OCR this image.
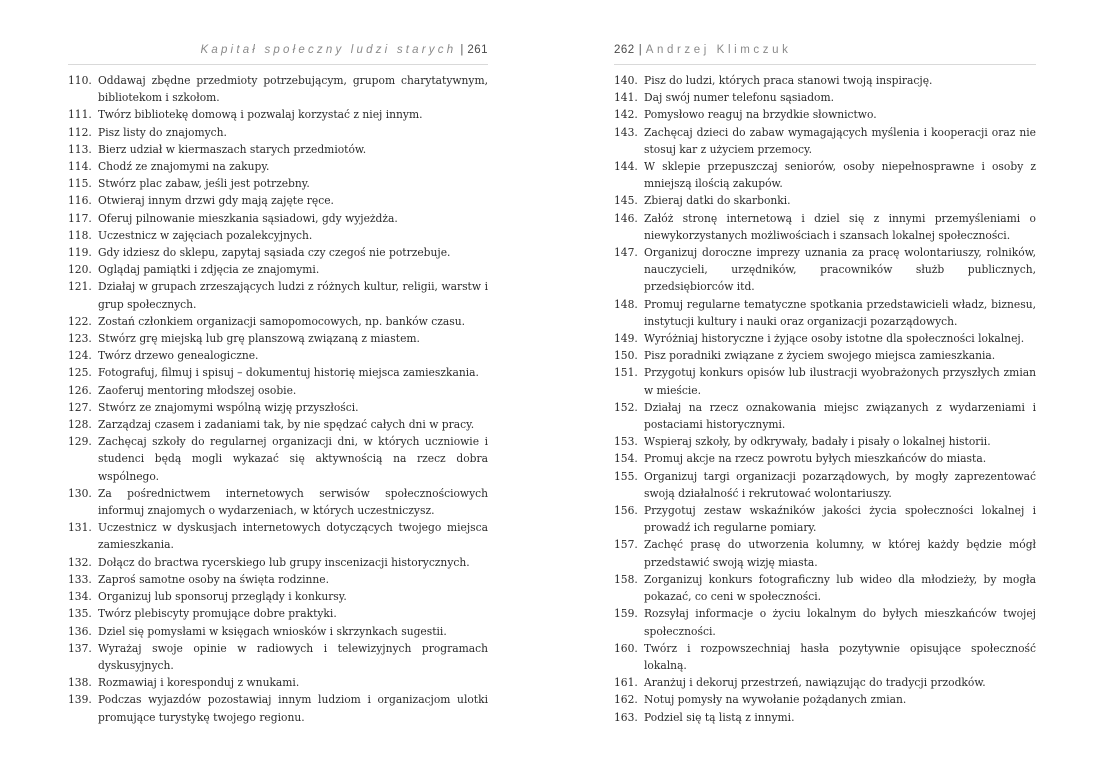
Kapitał społeczny ludzi starych | 261
110. Oddawaj zbędne przedmioty potrzebującym, grupom charytatywnym, bibliotekom i szkołom.
111. Twórz bibliotekę domową i pozwalaj korzystać z niej innym.
112. Pisz listy do znajomych.
113. Bierz udział w kiermaszach starych przedmiotów.
114. Chodź ze znajomymi na zakupy.
115. Stwórz plac zabaw, jeśli jest potrzebny.
116. Otwieraj innym drzwi gdy mają zajęte ręce.
117. Oferuj pilnowanie mieszkania sąsiadowi, gdy wyjeżdża.
118. Uczestnicz w zajęciach pozalekcyjnych.
119. Gdy idziesz do sklepu, zapytaj sąsiada czy czegoś nie potrzebuje.
120. Oglądaj pamiątki i zdjęcia ze znajomymi.
121. Działaj w grupach zrzeszających ludzi z różnych kultur, religii, warstw i grup społecznych.
122. Zostań członkiem organizacji samopomocowych, np. banków czasu.
123. Stwórz grę miejską lub grę planszową związaną z miastem.
124. Twórz drzewo genealogiczne.
125. Fotografuj, filmuj i spisuj – dokumentuj historię miejsca zamieszkania.
126. Zaoferuj mentoring młodszej osobie.
127. Stwórz ze znajomymi wspólną wizję przyszłości.
128. Zarządzaj czasem i zadaniami tak, by nie spędzać całych dni w pracy.
129. Zachęcaj szkoły do regularnej organizacji dni, w których uczniowie i studenci będą mogli wykazać się aktywnością na rzecz dobra wspólnego.
130. Za pośrednictwem internetowych serwisów społecznościowych informuj znajomych o wydarzeniach, w których uczestniczysz.
131. Uczestnicz w dyskusjach internetowych dotyczących twojego miejsca zamieszkania.
132. Dołącz do bractwa rycerskiego lub grupy inscenizacji historycznych.
133. Zaproś samotne osoby na święta rodzinne.
134. Organizuj lub sponsoruj przeglądy i konkursy.
135. Twórz plebiscyty promujące dobre praktyki.
136. Dziel się pomysłami w księgach wniosków i skrzynkach sugestii.
137. Wyrażaj swoje opinie w radiowych i telewizyjnych programach dyskusyjnych.
138. Rozmawiaj i koresponduj z wnukami.
139. Podczas wyjazdów pozostawiaj innym ludziom i organizacjom ulotki promujące turystykę twojego regionu.
262 | Andrzej Klimczuk
140. Pisz do ludzi, których praca stanowi twoją inspirację.
141. Daj swój numer telefonu sąsiadom.
142. Pomysłowo reaguj na brzydkie słownictwo.
143. Zachęcaj dzieci do zabaw wymagających myślenia i kooperacji oraz nie stosuj kar z użyciem przemocy.
144. W sklepie przepuszczaj seniorów, osoby niepełnosprawne i osoby z mniejszą ilością zakupów.
145. Zbieraj datki do skarbonki.
146. Załóż stronę internetową i dziel się z innymi przemyśleniami o niewykorzystanych możliwościach i szansach lokalnej społeczności.
147. Organizuj doroczne imprezy uznania za pracę wolontariuszy, rolników, nauczycieli, urzędników, pracowników służb publicznych, przedsiębiorców itd.
148. Promuj regularne tematyczne spotkania przedstawicieli władz, biznesu, instytucji kultury i nauki oraz organizacji pozarządowych.
149. Wyróżniaj historyczne i żyjące osoby istotne dla społeczności lokalnej.
150. Pisz poradniki związane z życiem swojego miejsca zamieszkania.
151. Przygotuj konkurs opisów lub ilustracji wyobrażonych przyszłych zmian w mieście.
152. Działaj na rzecz oznakowania miejsc związanych z wydarzeniami i postaciami historycznymi.
153. Wspieraj szkoły, by odkrywały, badały i pisały o lokalnej historii.
154. Promuj akcje na rzecz powrotu byłych mieszkańców do miasta.
155. Organizuj targi organizacji pozarządowych, by mogły zaprezentować swoją działalność i rekrutować wolontariuszy.
156. Przygotuj zestaw wskaźników jakości życia społeczności lokalnej i prowadź ich regularne pomiary.
157. Zachęć prasę do utworzenia kolumny, w której każdy będzie mógł przedstawić swoją wizję miasta.
158. Zorganizuj konkurs fotograficzny lub wideo dla młodzieży, by mogła pokazać, co ceni w społeczności.
159. Rozsyłaj informacje o życiu lokalnym do byłych mieszkańców twojej społeczności.
160. Twórz i rozpowszechniaj hasła pozytywnie opisujące społeczność lokalną.
161. Aranżuj i dekoruj przestrzeń, nawiązując do tradycji przodków.
162. Notuj pomysły na wywołanie pożądanych zmian.
163. Podziel się tą listą z innymi.
